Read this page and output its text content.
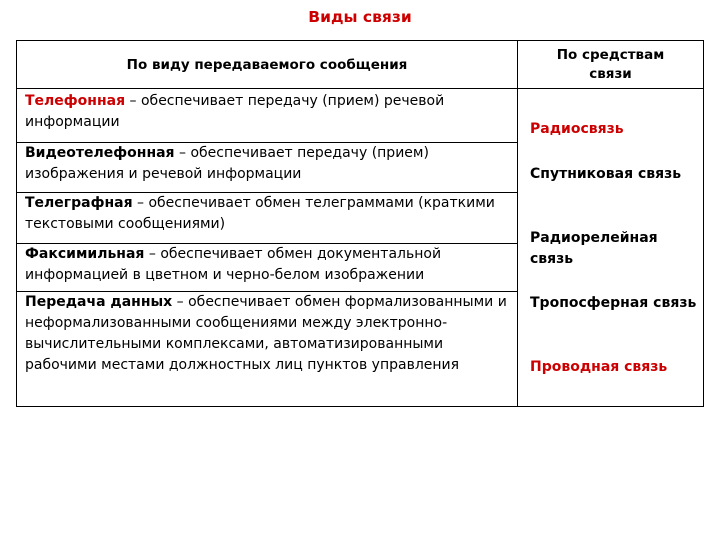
Виды связи
По виду передаваемого сообщения
По средствам связи
Телефонная – обеспечивает передачу (прием) речевой информации
Видеотелефонная – обеспечивает передачу (прием) изображения и речевой информации
Телеграфная – обеспечивает обмен телеграммами (краткими текстовыми сообщениями)
Факсимильная – обеспечивает обмен документальной информацией в цветном и черно-белом изображении
Передача данных – обеспечивает обмен формализованными и неформализованными сообщениями между электронно-вычислительными комплексами, автоматизированными рабочими местами должностных лиц пунктов управления
Радиосвязь
Спутниковая связь
Радиорелейная связь
Тропосферная связь
Проводная связь
